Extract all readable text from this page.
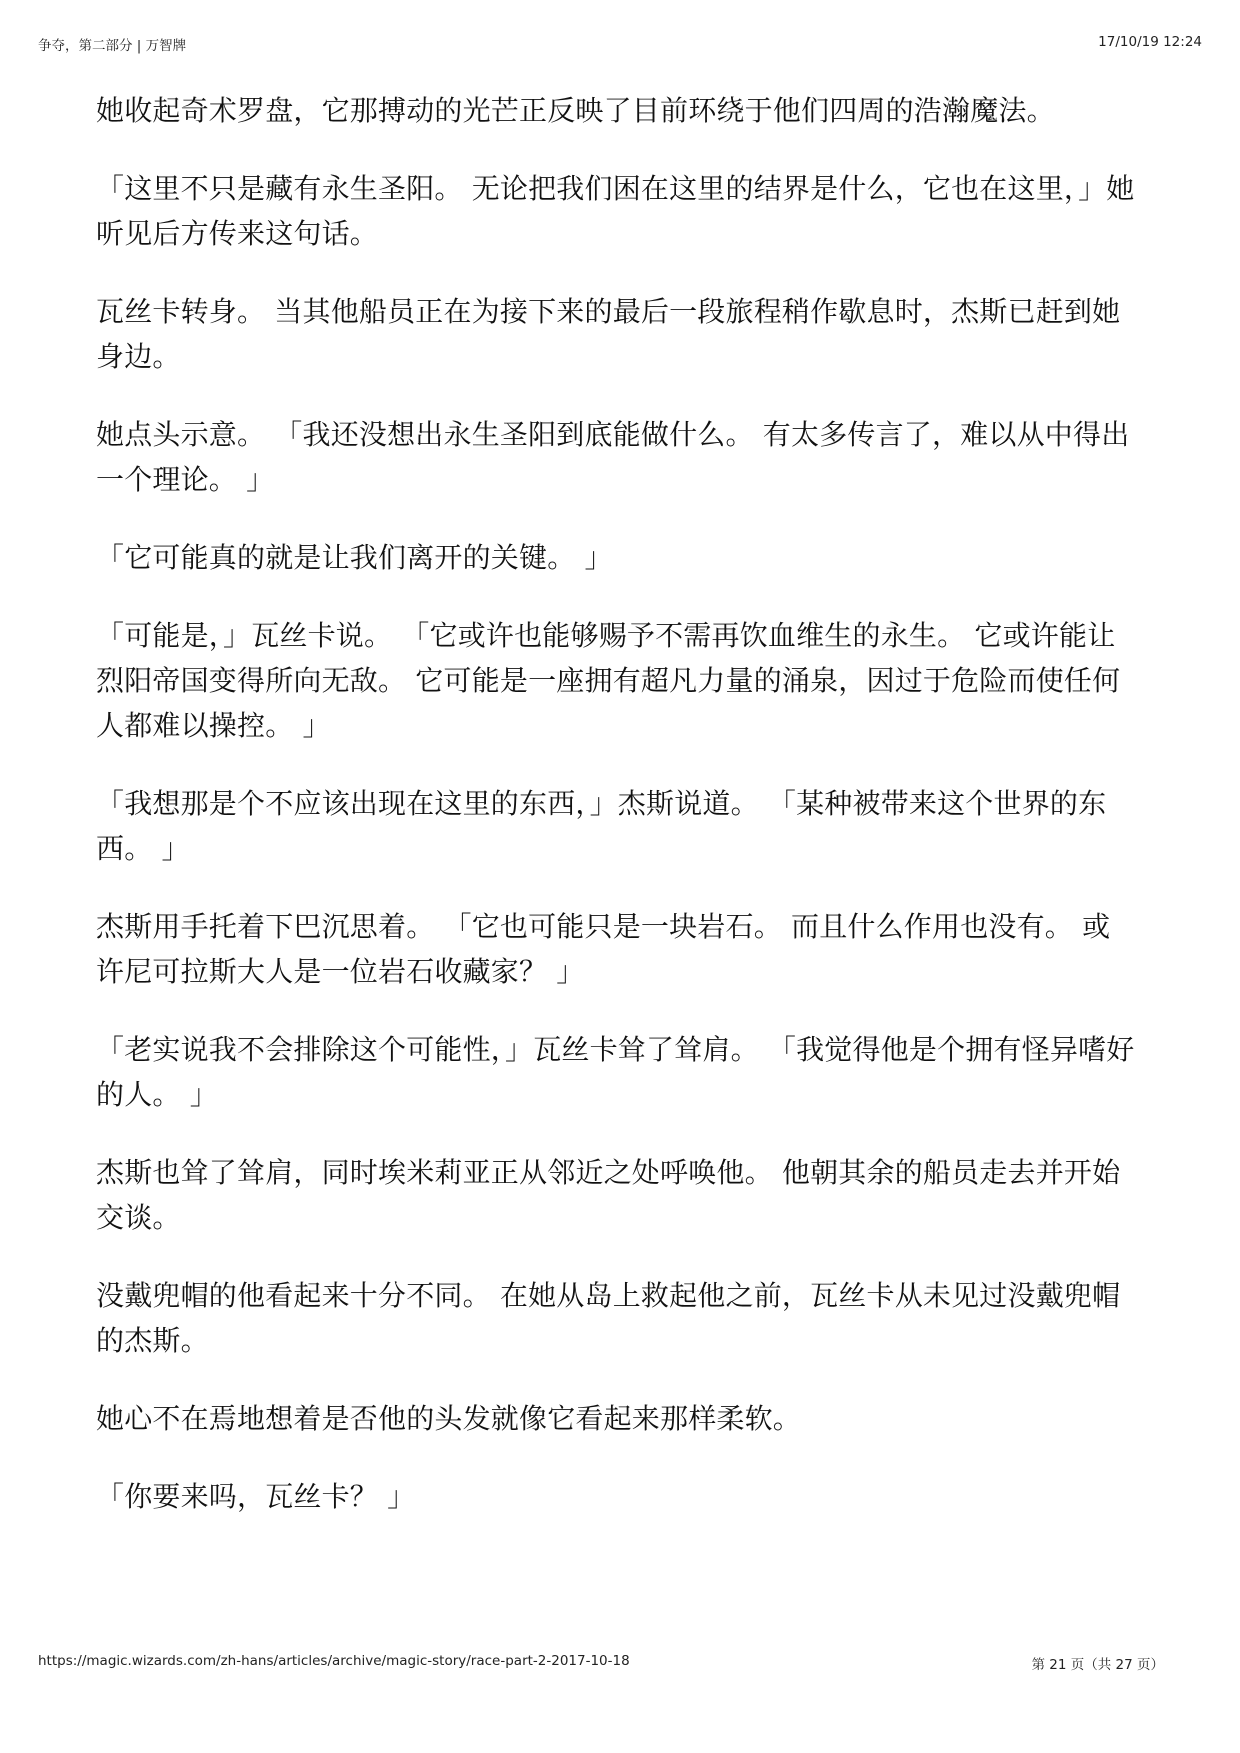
争夺，第二部分 | 万智牌	17/10/19 12:24

她收起奇术罗盘，它那搏动的光芒正反映了目前环绕于他们四周的浩瀚魔法。

「这里不只是藏有永生圣阳。 无论把我们困在这里的结界是什么，它也在这里，」她听见后方传来这句话。

瓦丝卡转身。 当其他船员正在为接下来的最后一段旅程稍作歇息时，杰斯已赶到她身边。

她点头示意。 「我还没想出永生圣阳到底能做什么。 有太多传言了，难以从中得出一个理论。 」

「它可能真的就是让我们离开的关键。 」

「可能是，」瓦丝卡说。 「它或许也能够赐予不需再饮血维生的永生。 它或许能让烈阳帝国变得所向无敌。 它可能是一座拥有超凡力量的涌泉，因过于危险而使任何人都难以操控。 」

「我想那是个不应该出现在这里的东西，」杰斯说道。 「某种被带来这个世界的东西。 」

杰斯用手托着下巴沉思着。 「它也可能只是一块岩石。 而且什么作用也没有。 或许尼可拉斯大人是一位岩石收藏家？ 」

「老实说我不会排除这个可能性，」瓦丝卡耸了耸肩。 「我觉得他是个拥有怪异嗜好的人。 」

杰斯也耸了耸肩，同时埃米莉亚正从邻近之处呼唤他。 他朝其余的船员走去并开始交谈。

没戴兜帽的他看起来十分不同。 在她从岛上救起他之前，瓦丝卡从未见过没戴兜帽的杰斯。

她心不在焉地想着是否他的头发就像它看起来那样柔软。

「你要来吗，瓦丝卡？ 」

https://magic.wizards.com/zh-hans/articles/archive/magic-story/race-part-2-2017-10-18	第 21 页（共 27 页）
